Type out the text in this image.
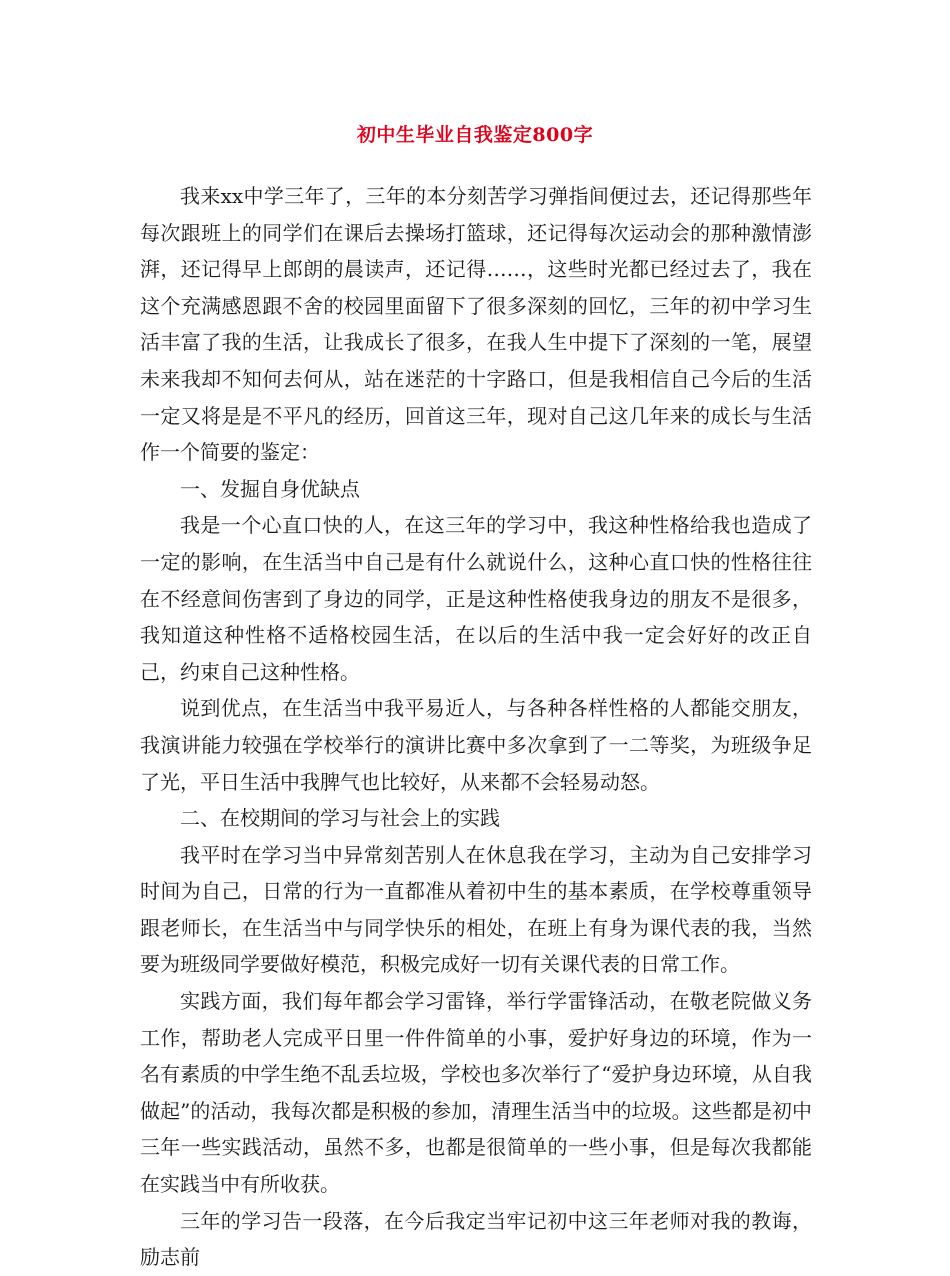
初中生毕业自我鉴定800字

我来xx中学三年了，三年的本分刻苦学习弹指间便过去，还记得那些年每次跟班上的同学们在课后去操场打篮球，还记得每次运动会的那种激情澎湃，还记得早上郎朗的晨读声，还记得……，这些时光都已经过去了，我在这个充满感恩跟不舍的校园里面留下了很多深刻的回忆，三年的初中学习生活丰富了我的生活，让我成长了很多，在我人生中提下了深刻的一笔，展望未来我却不知何去何从，站在迷茫的十字路口，但是我相信自己今后的生活一定又将是是不平凡的经历，回首这三年，现对自己这几年来的成长与生活作一个简要的鉴定：

一、发掘自身优缺点

我是一个心直口快的人，在这三年的学习中，我这种性格给我也造成了一定的影响，在生活当中自己是有什么就说什么，这种心直口快的性格往往在不经意间伤害到了身边的同学，正是这种性格使我身边的朋友不是很多，我知道这种性格不适格校园生活，在以后的生活中我一定会好好的改正自己，约束自己这种性格。

说到优点，在生活当中我平易近人，与各种各样性格的人都能交朋友，我演讲能力较强在学校举行的演讲比赛中多次拿到了一二等奖，为班级争足了光，平日生活中我脾气也比较好，从来都不会轻易动怒。

二、在校期间的学习与社会上的实践

我平时在学习当中异常刻苦别人在休息我在学习，主动为自己安排学习时间为自己，日常的行为一直都准从着初中生的基本素质，在学校尊重领导跟老师长，在生活当中与同学快乐的相处，在班上有身为课代表的我，当然要为班级同学要做好模范，积极完成好一切有关课代表的日常工作。

实践方面，我们每年都会学习雷锋，举行学雷锋活动，在敬老院做义务工作，帮助老人完成平日里一件件简单的小事，爱护好身边的环境，作为一名有素质的中学生绝不乱丢垃圾，学校也多次举行了“爱护身边环境，从自我做起”的活动，我每次都是积极的参加，清理生活当中的垃圾。这些都是初中三年一些实践活动，虽然不多，也都是很简单的一些小事，但是每次我都能在实践当中有所收获。

三年的学习告一段落，在今后我定当牢记初中这三年老师对我的教诲，励志前
